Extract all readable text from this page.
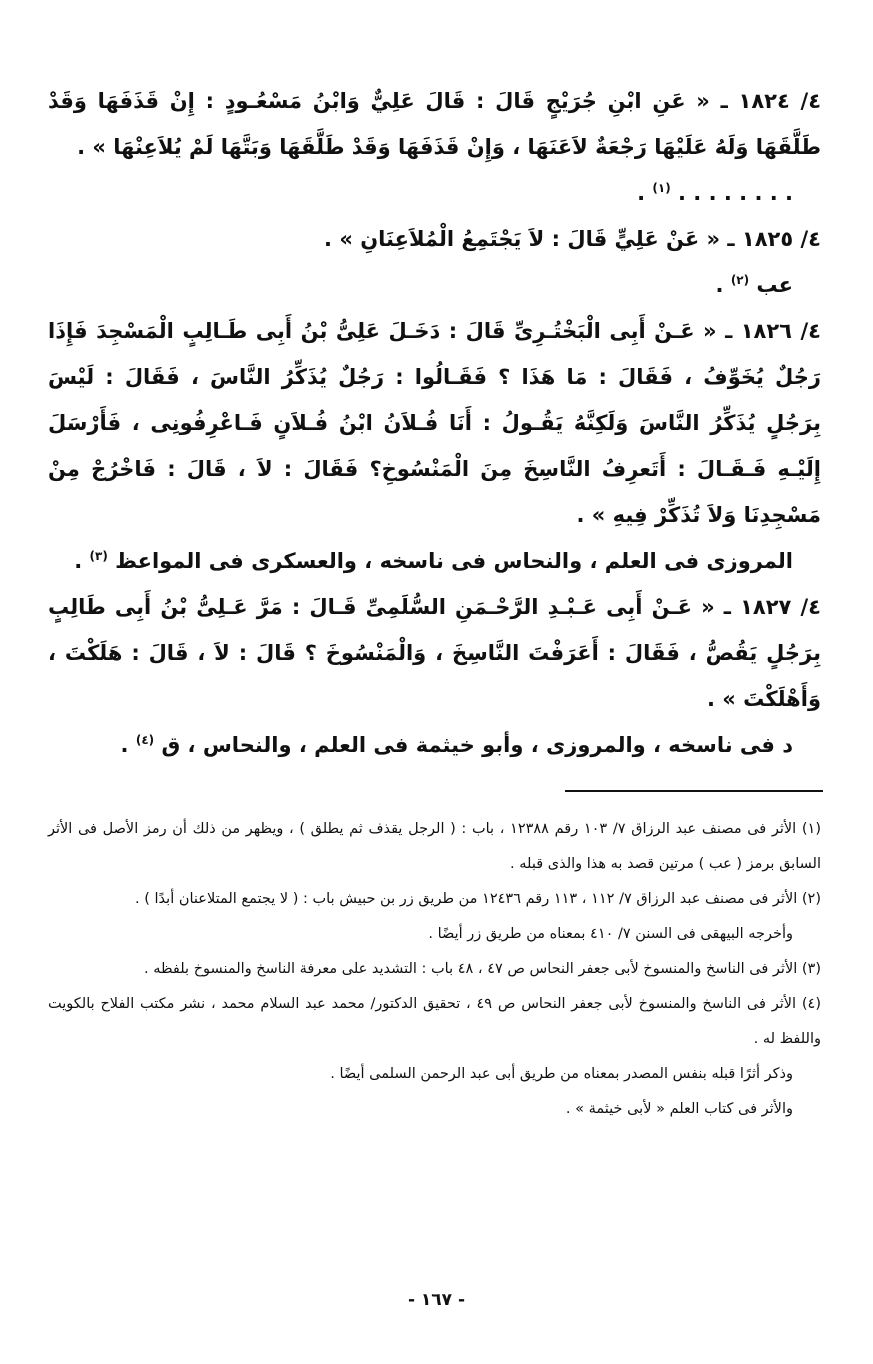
٤/ ١٨٢٤ ـ « عَنِ ابْنِ جُرَيْجٍ قَالَ : قَالَ عَلِيٌّ وَابْنُ مَسْعُـودٍ : إِنْ قَذَفَهَا وَقَدْ طَلَّقَهَا وَلَهُ عَلَيْهَا رَجْعَةٌ لاَعَنَهَا ، وَإِنْ قَذَفَهَا وَقَدْ طَلَّقَهَا وَبَتَّهَا لَمْ يُلاَعِنْهَا » .

. . . . . . . . $^{(١)}$ .

٤/ ١٨٢٥ ـ « عَنْ عَلِيٍّ قَالَ : لاَ يَجْتَمِعُ الْمُلاَعِنَانِ » .

عب $^{(٢)}$ .

٤/ ١٨٢٦ ـ « عَـنْ أَبِى الْبَخْتُـرِىِّ قَالَ : دَخَـلَ عَلِىُّ بْنُ أَبِى طَـالِبٍ الْمَسْجِدَ فَإِذَا رَجُلٌ يُخَوِّفُ ، فَقَالَ : مَا هَذَا ؟ فَقَـالُوا : رَجُلٌ يُذَكِّرُ النَّاسَ ، فَقَالَ : لَيْسَ بِرَجُلٍ يُذَكِّرُ النَّاسَ وَلَكِنَّهُ يَقُـولُ : أَنَا فُـلاَنُ ابْنُ فُـلاَنٍ فَـاعْرِفُونِى ، فَأَرْسَلَ إِلَيْـهِ فَـقَـالَ : أَتَعرِفُ النَّاسِخَ مِنَ الْمَنْسُوخِ؟ فَقَالَ : لاَ ، قَالَ : فَاخْرُجْ مِنْ مَسْجِدِنَا وَلاَ تُذَكِّرْ فِيهِ » .

المروزى فى العلم ، والنحاس فى ناسخه ، والعسكرى فى المواعظ $^{(٣)}$ .

٤/ ١٨٢٧ ـ « عَـنْ أَبِى عَـبْـدِ الرَّحْـمَنِ السُّلَمِىِّ قَـالَ : مَرَّ عَـلِىُّ بْنُ أَبِى طَالِبٍ بِرَجُلٍ يَقُصُّ ، فَقَالَ : أَعَرَفْتَ النَّاسِخَ ، وَالْمَنْسُوخَ ؟ قَالَ : لاَ ، قَالَ : هَلَكْتَ ، وَأَهْلَكْتَ » .

د فى ناسخه ، والمروزى ، وأبو خيثمة فى العلم ، والنحاس ، ق $^{(٤)}$ .

(١) الأثر فى مصنف عبد الرزاق ٧/ ١٠٣ رقم ١٢٣٨٨ ، باب : ( الرجل يقذف ثم يطلق ) ، ويظهر من ذلك أن رمز الأصل فى الأثر السابق برمز ( عب ) مرتين قصد به هذا والذى قبله .

(٢) الأثر فى مصنف عبد الرزاق ٧/ ١١٢ ، ١١٣ رقم ١٢٤٣٦ من طريق زر بن حبيش باب : ( لا يجتمع المتلاعنان أبدًا ) .

وأخرجه البيهقى فى السنن ٧/ ٤١٠ بمعناه من طريق زر أيضًا .

(٣) الأثر فى الناسخ والمنسوخ لأبى جعفر النحاس ص ٤٧ ، ٤٨ باب : التشديد على معرفة الناسخ والمنسوخ بلفظه .

(٤) الأثر فى الناسخ والمنسوخ لأبى جعفر النحاس ص ٤٩ ، تحقيق الدكتور/ محمد عبد السلام محمد ، نشر مكتب الفلاح بالكويت واللفظ له .

وذكر أثرًا قبله بنفس المصدر بمعناه من طريق أبى عبد الرحمن السلمى أيضًا .

والأثر فى كتاب العلم « لأبى خيثمة » .

- ١٦٧ -
